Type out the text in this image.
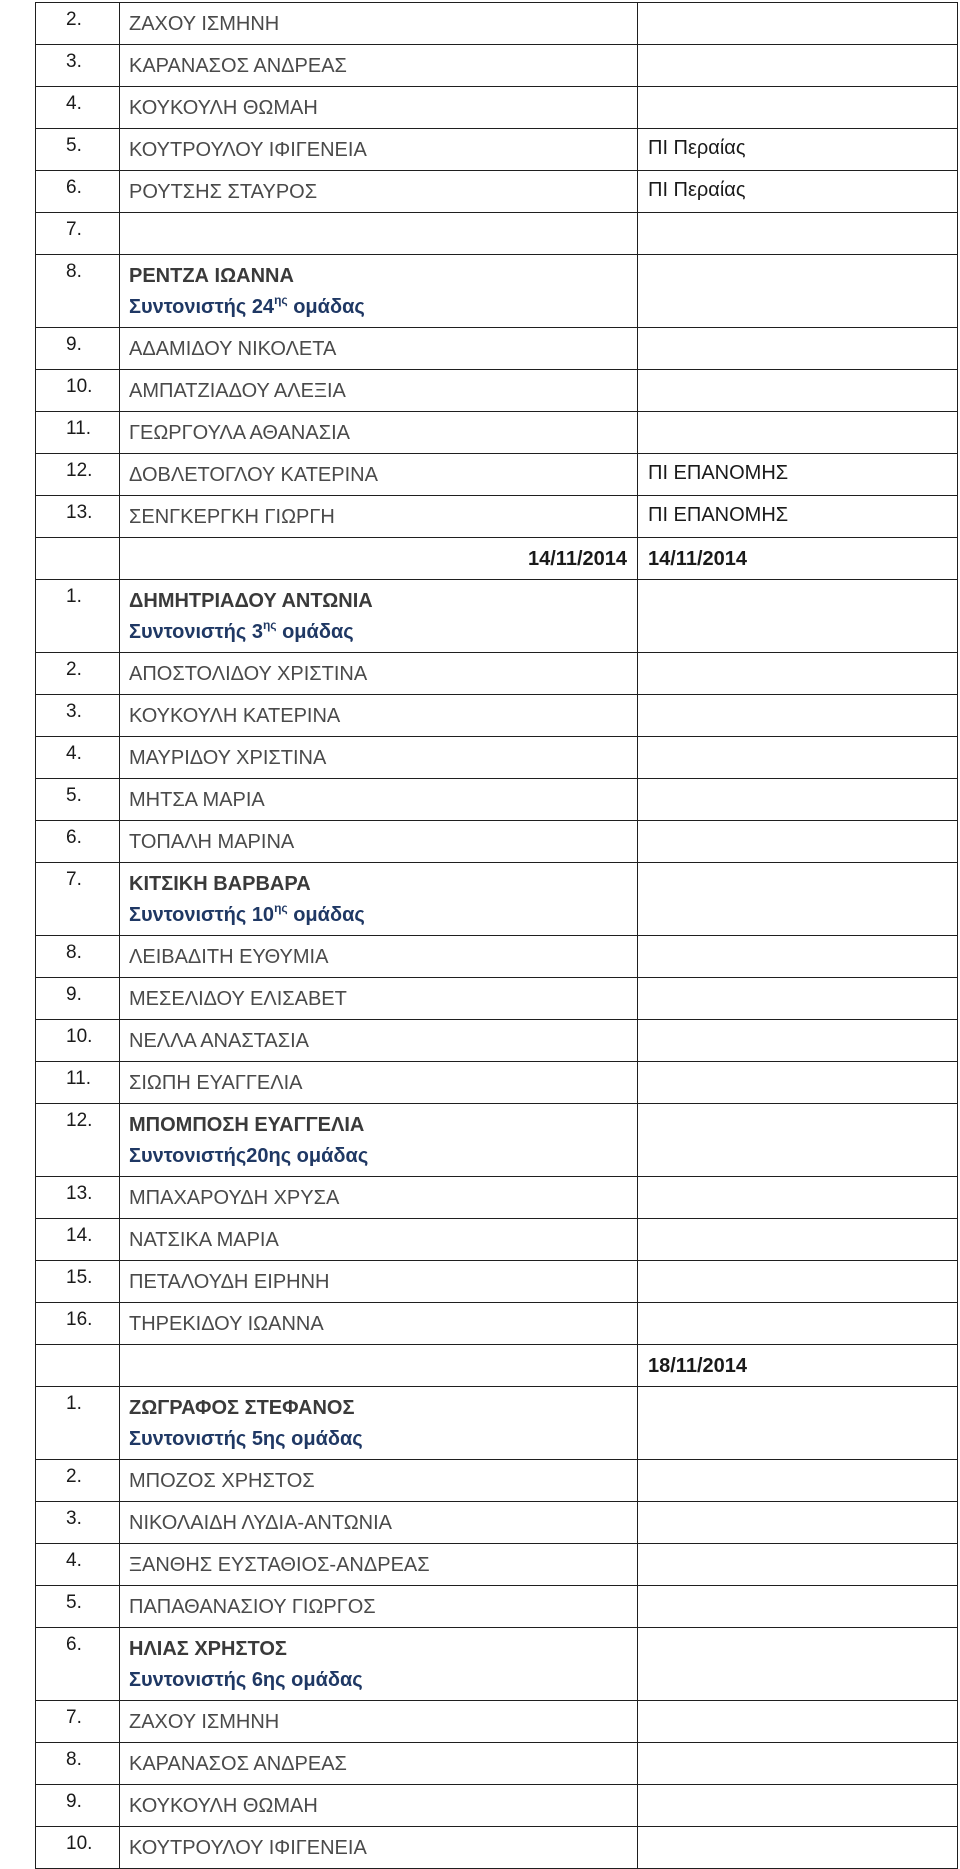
2.	ΖΑΧΟΥ ΙΣΜΗΝΗ	
3.	ΚΑΡΑΝΑΣΟΣ ΑΝΔΡΕΑΣ	
4.	ΚΟΥΚΟΥΛΗ ΘΩΜΑΗ	
5.	ΚΟΥΤΡΟΥΛΟΥ ΙΦΙΓΕΝΕΙΑ	ΠΙ Περαίας
6.	ΡΟΥΤΣΗΣ ΣΤΑΥΡΟΣ	ΠΙ Περαίας
7.		
8.	ΡΕΝΤΖΑ ΙΩΑΝΝΑ
Συντονιστής $24^{\eta\varsigma}$ ομάδας	

9.	ΑΔΑΜΙΔΟΥ ΝΙΚΟΛΕΤΑ	
10.	ΑΜΠΑΤΖΙΑΔΟΥ ΑΛΕΞΙΑ	
11.	ΓΕΩΡΓΟΥΛΑ ΑΘΑΝΑΣΙΑ	
12.	ΔΟΒΛΕΤΟΓΛΟΥ ΚΑΤΕΡΙΝΑ	ΠΙ ΕΠΑΝΟΜΗΣ
13.	ΣΕΝΓΚΕΡΓΚΗ ΓΙΩΡΓΗ	ΠΙ ΕΠΑΝΟΜΗΣ
	14/11/2014	14/11/2014
1.	ΔΗΜΗΤΡΙΑΔΟΥ ΑΝΤΩΝΙΑ
Συντονιστής $3^{\eta\varsigma}$ ομάδας	

2.	ΑΠΟΣΤΟΛΙΔΟΥ ΧΡΙΣΤΙΝΑ	
3.	ΚΟΥΚΟΥΛΗ ΚΑΤΕΡΙΝΑ	
4.	ΜΑΥΡΙΔΟΥ ΧΡΙΣΤΙΝΑ	
5.	ΜΗΤΣΑ ΜΑΡΙΑ	
6.	ΤΟΠΑΛΗ ΜΑΡΙΝΑ	
7.	ΚΙΤΣΙΚΗ ΒΑΡΒΑΡΑ
Συντονιστής $10^{\eta\varsigma}$ ομάδας	

8.	ΛΕΙΒΑΔΙΤΗ ΕΥΘΥΜΙΑ	
9.	ΜΕΣΕΛΙΔΟΥ ΕΛΙΣΑΒΕΤ	
10.	ΝΕΛΛΑ ΑΝΑΣΤΑΣΙΑ	
11.	ΣΙΩΠΗ ΕΥΑΓΓΕΛΙΑ	
12.	ΜΠΟΜΠΟΣΗ ΕΥΑΓΓΕΛΙΑ
Συντονιστής20ης ομάδας	

13.	ΜΠΑΧΑΡΟΥΔΗ ΧΡΥΣΑ	
14.	ΝΑΤΣΙΚΑ ΜΑΡΙΑ	
15.	ΠΕΤΑΛΟΥΔΗ ΕΙΡΗΝΗ	
16.	ΤΗΡΕΚΙΔΟΥ ΙΩΑΝΝΑ	
		18/11/2014
1.	ΖΩΓΡΑΦΟΣ ΣΤΕΦΑΝΟΣ
Συντονιστής 5ης ομάδας	

2.	ΜΠΟΖΟΣ ΧΡΗΣΤΟΣ	
3.	ΝΙΚΟΛΑΙΔΗ ΛΥΔΙΑ-ΑΝΤΩΝΙΑ	
4.	ΞΑΝΘΗΣ ΕΥΣΤΑΘΙΟΣ-ΑΝΔΡΕΑΣ	
5.	ΠΑΠΑΘΑΝΑΣΙΟΥ ΓΙΩΡΓΟΣ	
6.	ΗΛΙΑΣ ΧΡΗΣΤΟΣ
Συντονιστής 6ης ομάδας	

7.	ΖΑΧΟΥ ΙΣΜΗΝΗ	
8.	ΚΑΡΑΝΑΣΟΣ ΑΝΔΡΕΑΣ	
9.	ΚΟΥΚΟΥΛΗ ΘΩΜΑΗ	
10.	ΚΟΥΤΡΟΥΛΟΥ ΙΦΙΓΕΝΕΙΑ	
